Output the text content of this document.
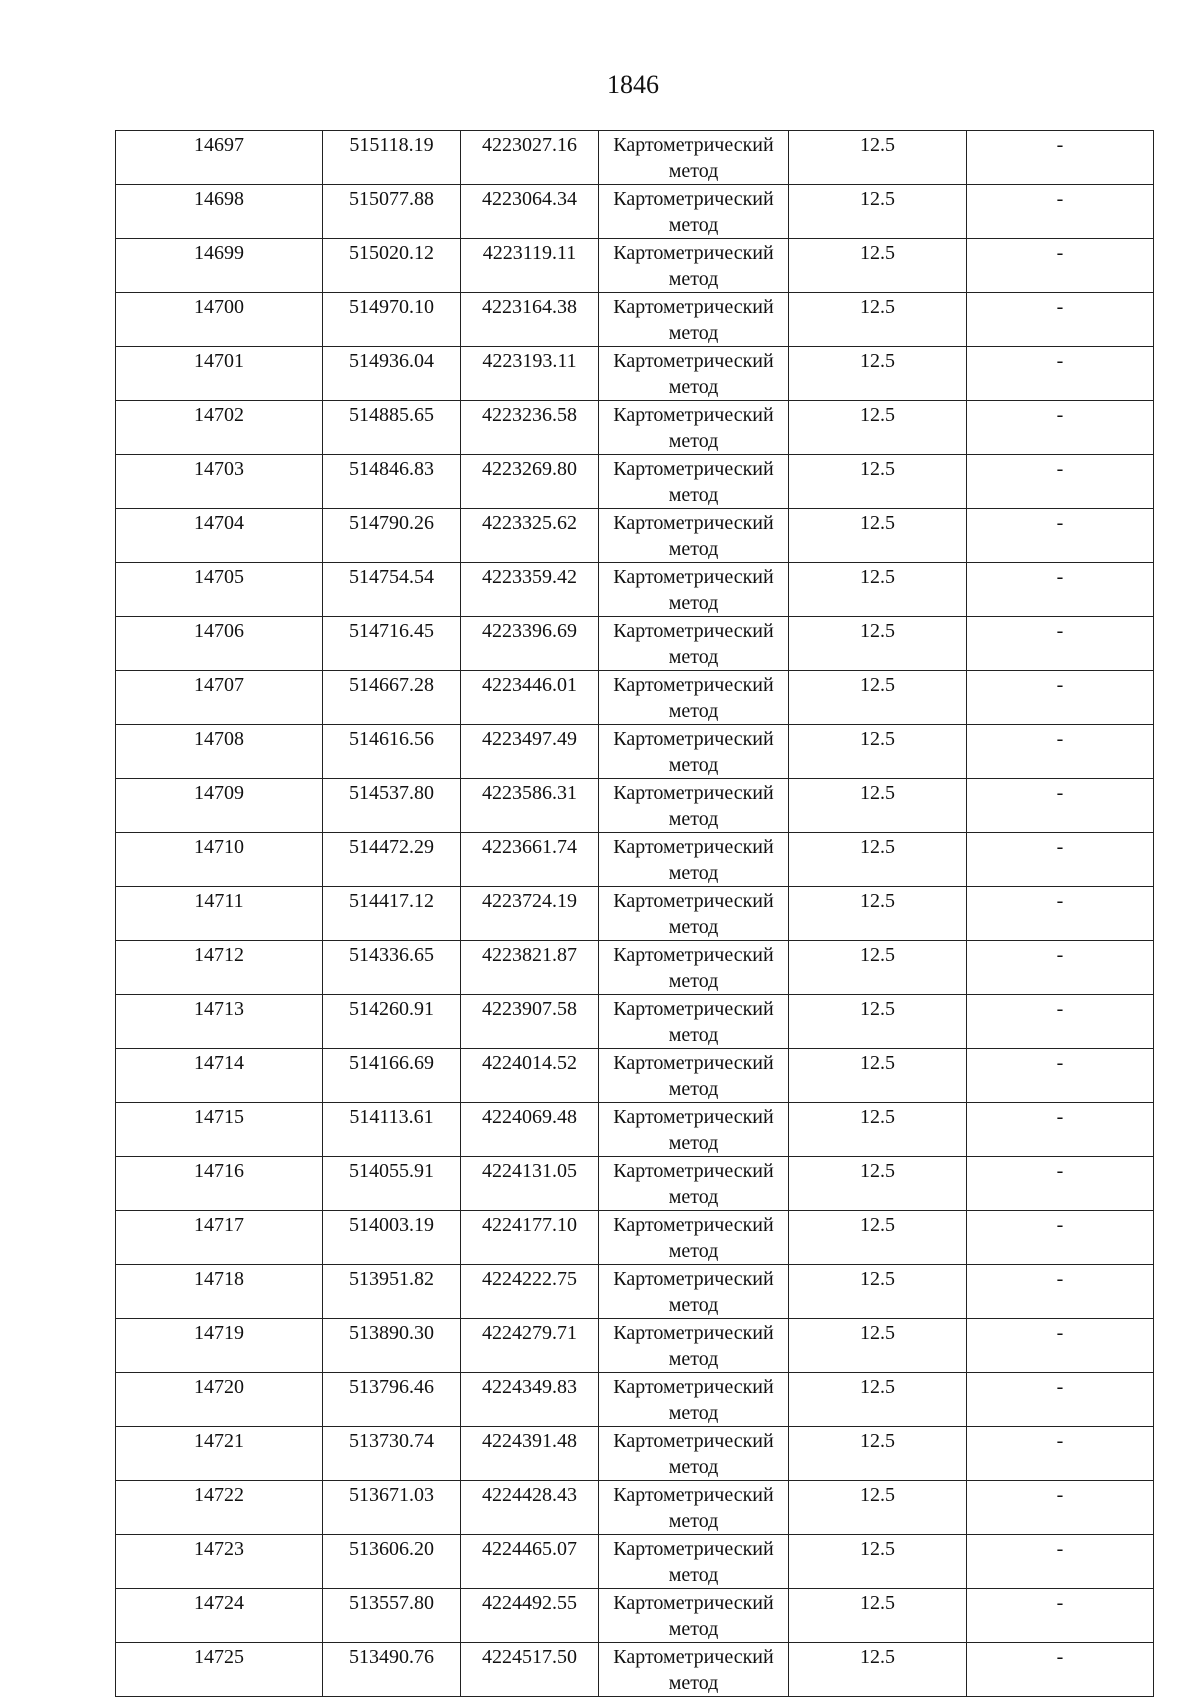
1846
14697	515118.19	4223027.16	Картометрический метод	12.5	-

14698	515077.88	4223064.34	Картометрический метод	12.5	-

14699	515020.12	4223119.11	Картометрический метод	12.5	-

14700	514970.10	4223164.38	Картометрический метод	12.5	-

14701	514936.04	4223193.11	Картометрический метод	12.5	-

14702	514885.65	4223236.58	Картометрический метод	12.5	-

14703	514846.83	4223269.80	Картометрический метод	12.5	-

14704	514790.26	4223325.62	Картометрический метод	12.5	-

14705	514754.54	4223359.42	Картометрический метод	12.5	-

14706	514716.45	4223396.69	Картометрический метод	12.5	-

14707	514667.28	4223446.01	Картометрический метод	12.5	-

14708	514616.56	4223497.49	Картометрический метод	12.5	-

14709	514537.80	4223586.31	Картометрический метод	12.5	-

14710	514472.29	4223661.74	Картометрический метод	12.5	-

14711	514417.12	4223724.19	Картометрический метод	12.5	-

14712	514336.65	4223821.87	Картометрический метод	12.5	-

14713	514260.91	4223907.58	Картометрический метод	12.5	-

14714	514166.69	4224014.52	Картометрический метод	12.5	-

14715	514113.61	4224069.48	Картометрический метод	12.5	-

14716	514055.91	4224131.05	Картометрический метод	12.5	-

14717	514003.19	4224177.10	Картометрический метод	12.5	-

14718	513951.82	4224222.75	Картометрический метод	12.5	-

14719	513890.30	4224279.71	Картометрический метод	12.5	-

14720	513796.46	4224349.83	Картометрический метод	12.5	-

14721	513730.74	4224391.48	Картометрический метод	12.5	-

14722	513671.03	4224428.43	Картометрический метод	12.5	-

14723	513606.20	4224465.07	Картометрический метод	12.5	-

14724	513557.80	4224492.55	Картометрический метод	12.5	-

14725	513490.76	4224517.50	Картометрический метод	12.5	-
